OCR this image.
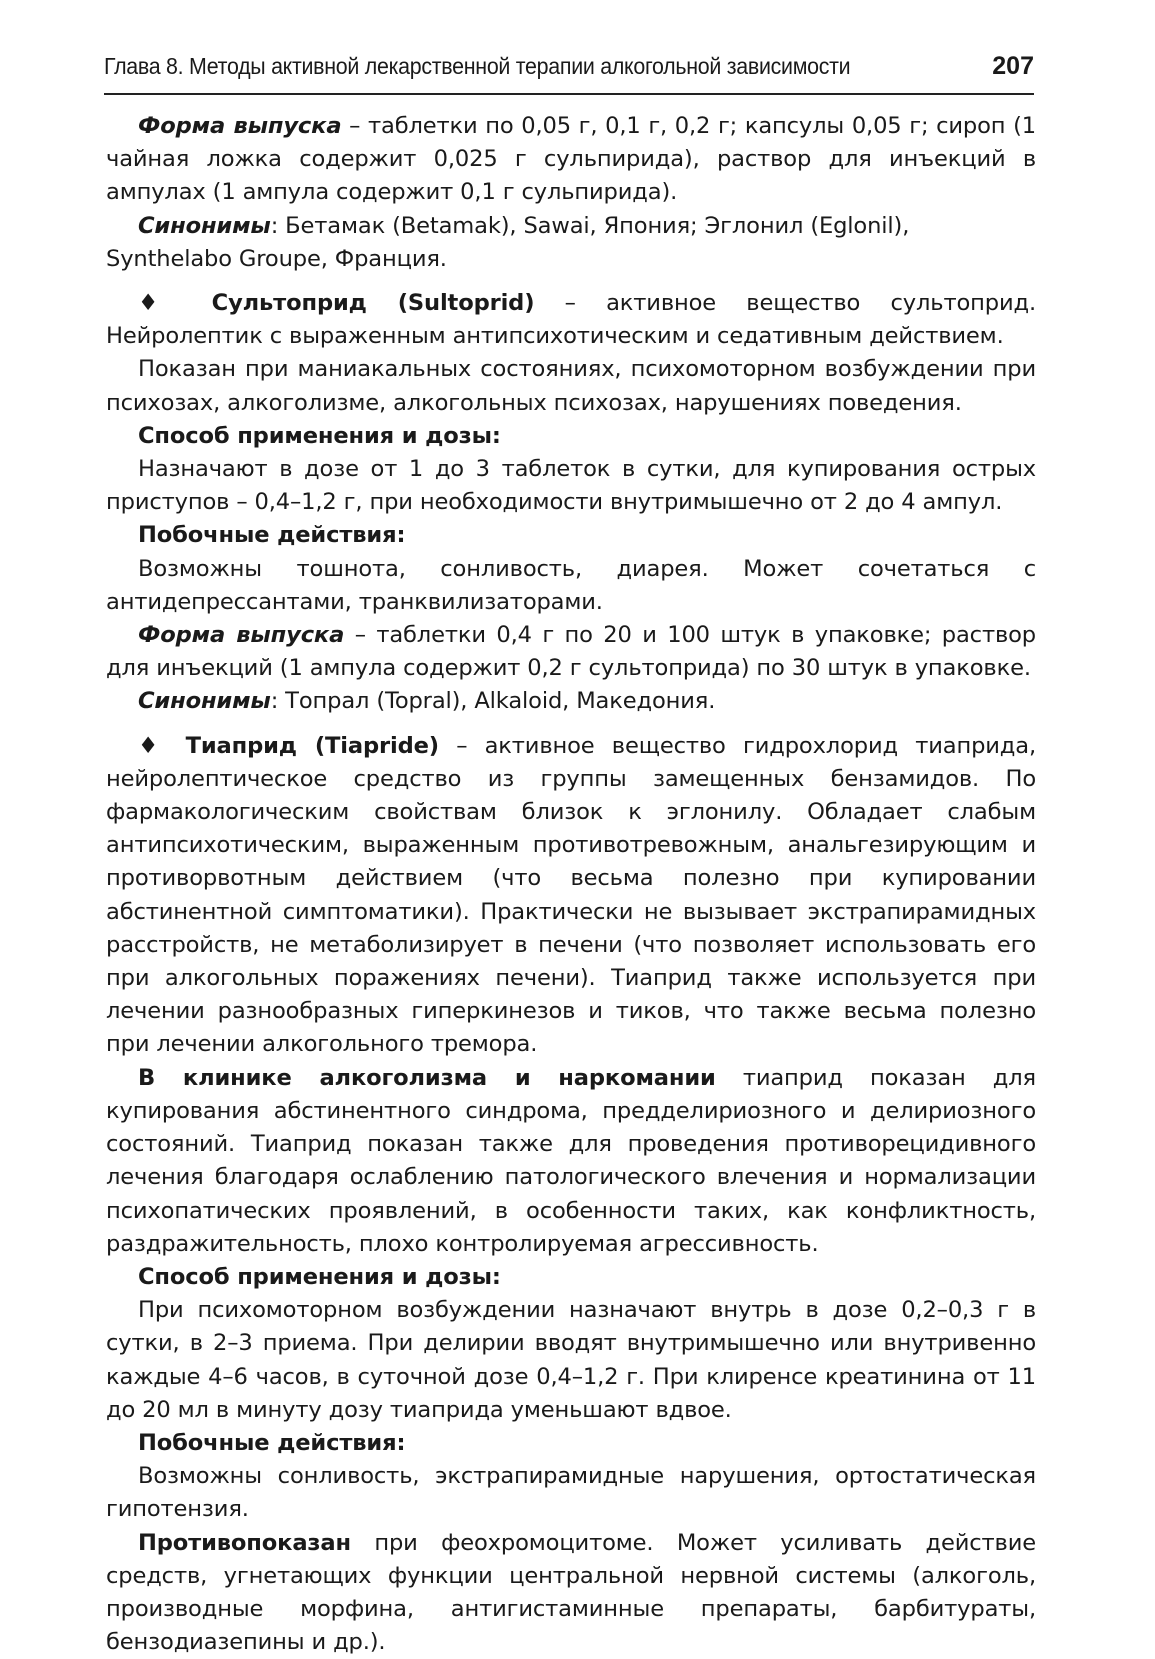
Глава 8. Методы активной лекарственной терапии алкогольной зависимости	207

Форма выпуска – таблетки по 0,05 г, 0,1 г, 0,2 г; капсулы 0,05 г; сироп (1 чайная ложка содержит 0,025 г сульпирида), раствор для инъекций в ампулах (1 ампула содержит 0,1 г сульпирида).

Синонимы: Бетамак (Betamak), Sawai, Япония; Эглонил (Eglonil), Synthelabo Groupe, Франция.

♦ Сультоприд (Sultoprid) – активное вещество сультоприд. Нейролептик с выраженным антипсихотическим и седативным действием.

Показан при маниакальных состояниях, психомоторном возбуждении при психозах, алкоголизме, алкогольных психозах, нарушениях поведения.

Способ применения и дозы:

Назначают в дозе от 1 до 3 таблеток в сутки, для купирования острых приступов – 0,4–1,2 г, при необходимости внутримышечно от 2 до 4 ампул.

Побочные действия:

Возможны тошнота, сонливость, диарея. Может сочетаться с антидепрессантами, транквилизаторами.

Форма выпуска – таблетки 0,4 г по 20 и 100 штук в упаковке; раствор для инъекций (1 ампула содержит 0,2 г сультоприда) по 30 штук в упаковке.

Синонимы: Топрал (Topral), Alkaloid, Македония.

♦ Тиаприд (Tiapride) – активное вещество гидрохлорид тиаприда, нейролептическое средство из группы замещенных бензамидов. По фармакологическим свойствам близок к эглонилу. Обладает слабым антипсихотическим, выраженным противотревожным, анальгезирующим и противорвотным действием (что весьма полезно при купировании абстинентной симптоматики). Практически не вызывает экстрапирамидных расстройств, не метаболизирует в печени (что позволяет использовать его при алкогольных поражениях печени). Тиаприд также используется при лечении разнообразных гиперкинезов и тиков, что также весьма полезно при лечении алкогольного тремора.

В клинике алкоголизма и наркомании тиаприд показан для купирования абстинентного синдрома, предделириозного и делириозного состояний. Тиаприд показан также для проведения противорецидивного лечения благодаря ослаблению патологического влечения и нормализации психопатических проявлений, в особенности таких, как конфликтность, раздражительность, плохо контролируемая агрессивность.

Способ применения и дозы:

При психомоторном возбуждении назначают внутрь в дозе 0,2–0,3 г в сутки, в 2–3 приема. При делирии вводят внутримышечно или внутривенно каждые 4–6 часов, в суточной дозе 0,4–1,2 г. При клиренсе креатинина от 11 до 20 мл в минуту дозу тиаприда уменьшают вдвое.

Побочные действия:

Возможны сонливость, экстрапирамидные нарушения, ортостатическая гипотензия.

Противопоказан при феохромоцитоме. Может усиливать действие средств, угнетающих функции центральной нервной системы (алкоголь, производные морфина, антигистаминные препараты, барбитураты, бензодиазепины и др.).
